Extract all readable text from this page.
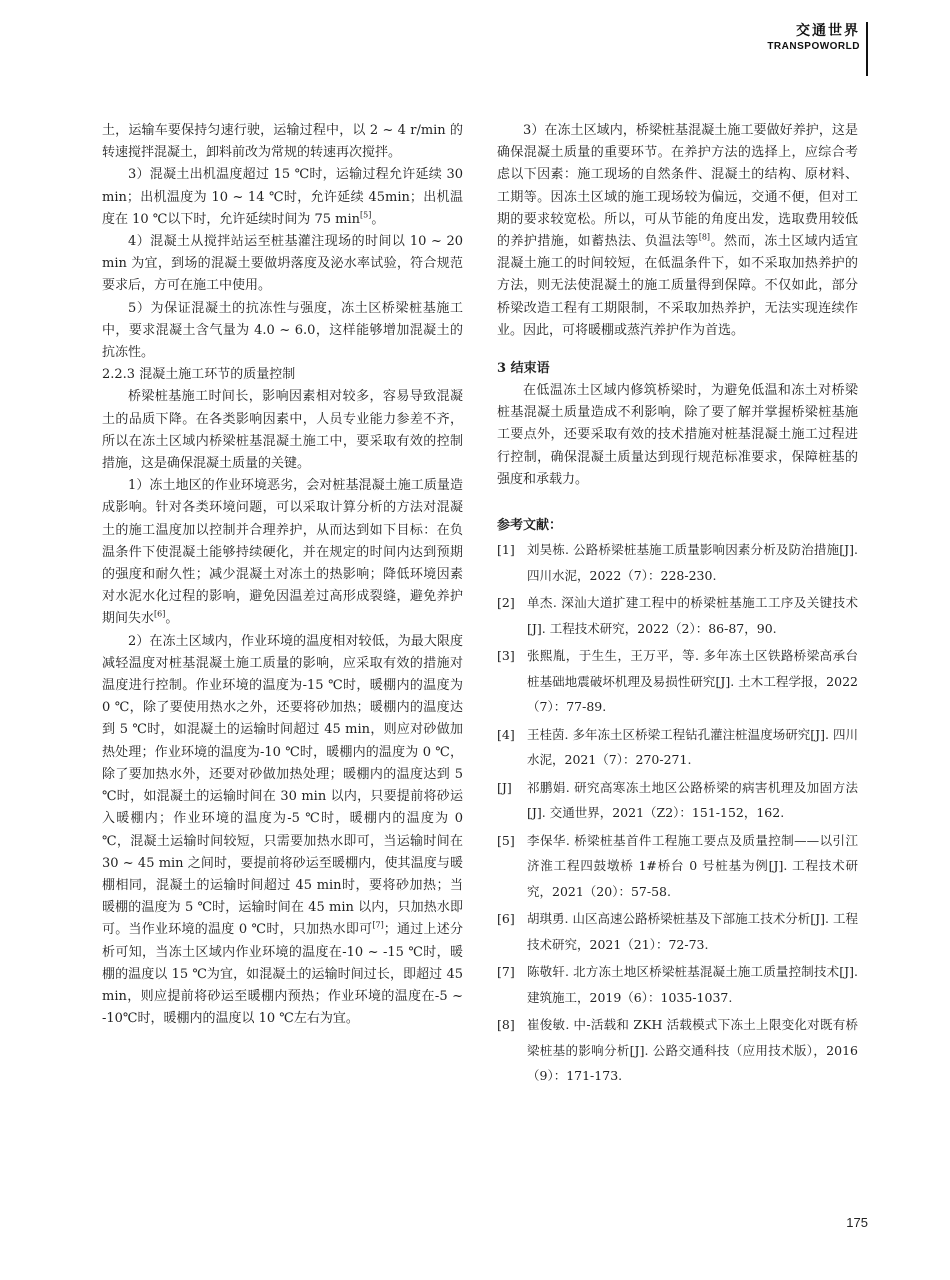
交通世界
TRANSPOWORLD

土，运输车要保持匀速行驶，运输过程中，以 2 ~ 4 r/min 的转速搅拌混凝土，卸料前改为常规的转速再次搅拌。

3）混凝土出机温度超过 15 ℃时，运输过程允许延续 30 min；出机温度为 10 ~ 14 ℃时，允许延续 45min；出机温度在 10 ℃以下时，允许延续时间为 75 min[5]。

4）混凝土从搅拌站运至桩基灌注现场的时间以 10 ~ 20 min 为宜，到场的混凝土要做坍落度及泌水率试验，符合规范要求后，方可在施工中使用。

5）为保证混凝土的抗冻性与强度，冻土区桥梁桩基施工中，要求混凝土含气量为 4.0 ~ 6.0，这样能够增加混凝土的抗冻性。

2.2.3 混凝土施工环节的质量控制

桥梁桩基施工时间长，影响因素相对较多，容易导致混凝土的品质下降。在各类影响因素中，人员专业能力参差不齐，所以在冻土区域内桥梁桩基混凝土施工中，要采取有效的控制措施，这是确保混凝土质量的关键。

1）冻土地区的作业环境恶劣，会对桩基混凝土施工质量造成影响。针对各类环境问题，可以采取计算分析的方法对混凝土的施工温度加以控制并合理养护，从而达到如下目标：在负温条件下使混凝土能够持续硬化，并在规定的时间内达到预期的强度和耐久性；减少混凝土对冻土的热影响；降低环境因素对水泥水化过程的影响，避免因温差过高形成裂缝，避免养护期间失水[6]。

2）在冻土区域内，作业环境的温度相对较低，为最大限度减轻温度对桩基混凝土施工质量的影响，应采取有效的措施对温度进行控制。作业环境的温度为-15 ℃时，暖棚内的温度为 0 ℃，除了要使用热水之外，还要将砂加热；暖棚内的温度达到 5 ℃时，如混凝土的运输时间超过 45 min，则应对砂做加热处理；作业环境的温度为-10 ℃时，暖棚内的温度为 0 ℃，除了要加热水外，还要对砂做加热处理；暖棚内的温度达到 5 ℃时，如混凝土的运输时间在 30 min 以内，只要提前将砂运入暖棚内；作业环境的温度为-5 ℃时，暖棚内的温度为 0 ℃，混凝土运输时间较短，只需要加热水即可，当运输时间在 30 ~ 45 min 之间时，要提前将砂运至暖棚内，使其温度与暖棚相同，混凝土的运输时间超过 45 min时，要将砂加热；当暖棚的温度为 5 ℃时，运输时间在 45 min 以内，只加热水即可。当作业环境的温度 0 ℃时，只加热水即可[7]；通过上述分析可知，当冻土区域内作业环境的温度在-10 ~ -15 ℃时，暖棚的温度以 15 ℃为宜，如混凝土的运输时间过长，即超过 45 min，则应提前将砂运至暖棚内预热；作业环境的温度在-5 ~ -10℃时，暖棚内的温度以 10 ℃左右为宜。

3）在冻土区域内，桥梁桩基混凝土施工要做好养护，这是确保混凝土质量的重要环节。在养护方法的选择上，应综合考虑以下因素：施工现场的自然条件、混凝土的结构、原材料、工期等。因冻土区域的施工现场较为偏远，交通不便，但对工期的要求较宽松。所以，可从节能的角度出发，选取费用较低的养护措施，如蓄热法、负温法等[8]。然而，冻土区域内适宜混凝土施工的时间较短，在低温条件下，如不采取加热养护的方法，则无法使混凝土的施工质量得到保障。不仅如此，部分桥梁改造工程有工期限制，不采取加热养护，无法实现连续作业。因此，可将暖棚或蒸汽养护作为首选。

3 结束语

在低温冻土区域内修筑桥梁时，为避免低温和冻土对桥梁桩基混凝土质量造成不利影响，除了要了解并掌握桥梁桩基施工要点外，还要采取有效的技术措施对桩基混凝土施工过程进行控制，确保混凝土质量达到现行规范标准要求，保障桩基的强度和承载力。

参考文献：

[1] 刘昊栋. 公路桥梁桩基施工质量影响因素分析及防治措施[J]. 四川水泥，2022（7）：228-230.
[2] 单杰. 深汕大道扩建工程中的桥梁桩基施工工序及关键技术[J]. 工程技术研究，2022（2）：86-87，90.
[3] 张熙胤，于生生，王万平，等. 多年冻土区铁路桥梁高承台桩基础地震破坏机理及易损性研究[J]. 土木工程学报，2022（7）：77-89.
[4] 王桂茵. 多年冻土区桥梁工程钻孔灌注桩温度场研究[J]. 四川水泥，2021（7）：270-271.
[J]	祁鹏娟. 研究高寒冻土地区公路桥梁的病害机理及加固方法[J]. 交通世界，2021（Z2）：151-152，162.
[5] 李保华. 桥梁桩基首件工程施工要点及质量控制——以引江济淮工程四鼓墩桥 1#桥台 0 号桩基为例[J]. 工程技术研究，2021（20）：57-58.
[6] 胡琪勇. 山区高速公路桥梁桩基及下部施工技术分析[J]. 工程技术研究，2021（21）：72-73.
[7] 陈敬轩. 北方冻土地区桥梁桩基混凝土施工质量控制技术[J]. 建筑施工，2019（6）：1035-1037.
[8] 崔俊敏. 中-活载和 ZKH 活载模式下冻土上限变化对既有桥梁桩基的影响分析[J]. 公路交通科技（应用技术版），2016（9）：171-173.
175
